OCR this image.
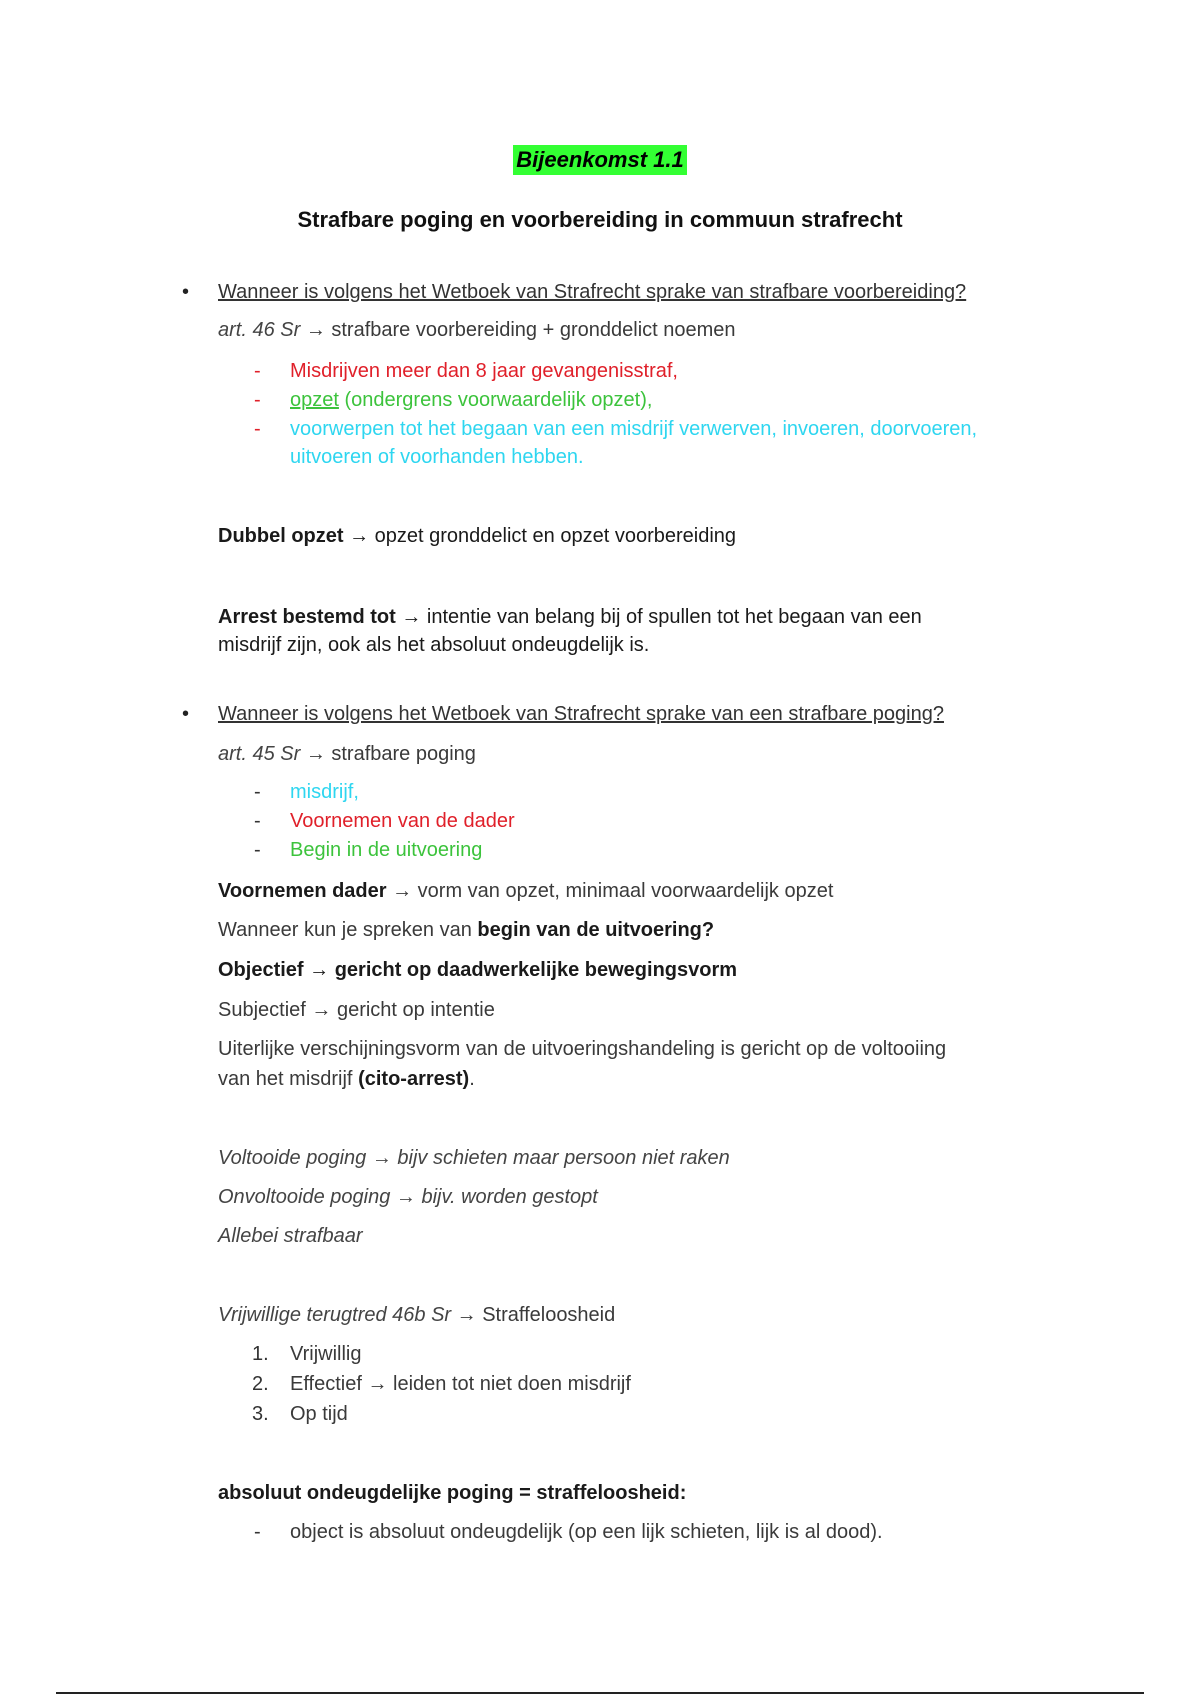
Bijeenkomst 1.1
Strafbare poging en voorbereiding in commuun strafrecht
• Wanneer is volgens het Wetboek van Strafrecht sprake van strafbare voorbereiding?
art. 46 Sr → strafbare voorbereiding + gronddelict noemen
- Misdrijven meer dan 8 jaar gevangenisstraf,
- opzet (ondergrens voorwaardelijk opzet),
- voorwerpen tot het begaan van een misdrijf verwerven, invoeren, doorvoeren,
uitvoeren of voorhanden hebben.
Dubbel opzet → opzet gronddelict en opzet voorbereiding
Arrest bestemd tot → intentie van belang bij of spullen tot het begaan van een
misdrijf zijn, ook als het absoluut ondeugdelijk is.
• Wanneer is volgens het Wetboek van Strafrecht sprake van een strafbare poging?
art. 45 Sr → strafbare poging
- misdrijf,
- Voornemen van de dader
- Begin in de uitvoering
Voornemen dader → vorm van opzet, minimaal voorwaardelijk opzet
Wanneer kun je spreken van begin van de uitvoering?
Objectief → gericht op daadwerkelijke bewegingsvorm
Subjectief → gericht op intentie
Uiterlijke verschijningsvorm van de uitvoeringshandeling is gericht op de voltooiing
van het misdrijf (cito-arrest).
Voltooide poging → bijv schieten maar persoon niet raken
Onvoltooide poging → bijv. worden gestopt
Allebei strafbaar
Vrijwillige terugtred 46b Sr → Straffeloosheid
1. Vrijwillig
2. Effectief → leiden tot niet doen misdrijf
3. Op tijd
absoluut ondeugdelijke poging = straffeloosheid:
- object is absoluut ondeugdelijk (op een lijk schieten, lijk is al dood).
